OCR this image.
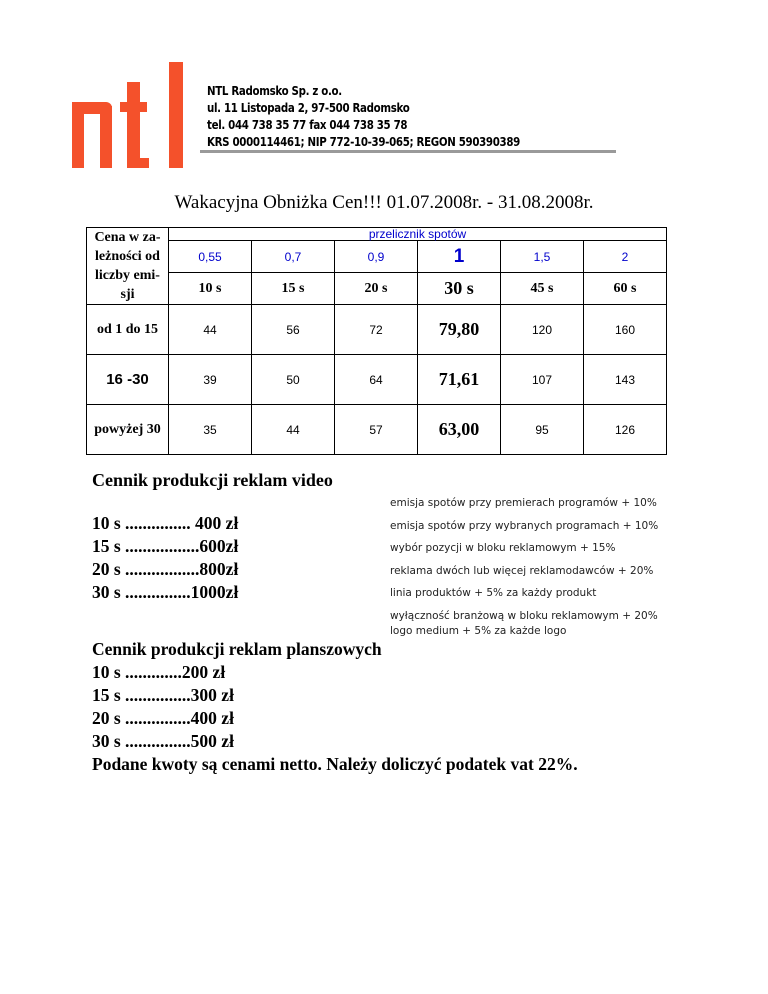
NTL Radomsko Sp. z o.o.
ul. 11 Listopada 2, 97-500 Radomsko
tel. 044 738 35 77 fax 044 738 35 78
KRS 0000114461; NIP 772-10-39-065; REGON 590390389
Wakacyjna Obniżka Cen!!! 01.07.2008r. - 31.08.2008r.
Cena w za-
leżności od
liczby emi-
sji	przelicznik spotów					
	0,55	0,7	0,9	1	1,5	2
	10 s	15 s	20 s	30 s	45 s	60 s
od 1 do 15	44	56	72	79,80	120	160
16 -30	39	50	64	71,61	107	143
powyżej 30	35	44	57	63,00	95	126
Cennik produkcji reklam video
10 s ............... 400 zł
15 s .................600zł
20 s .................800zł
30 s ...............1000zł
emisja spotów przy premierach programów + 10%
emisja spotów przy wybranych programach + 10%
wybór pozycji w bloku reklamowym + 15%
reklama dwóch lub więcej reklamodawców + 20%
linia produktów + 5% za każdy produkt
wyłączność branżową w bloku reklamowym + 20%
logo medium + 5% za każde logo
Cennik produkcji reklam planszowych
10 s .............200 zł
15 s ...............300 zł
20 s ...............400 zł
30 s ...............500 zł
Podane kwoty są cenami netto. Należy doliczyć podatek vat 22%.
